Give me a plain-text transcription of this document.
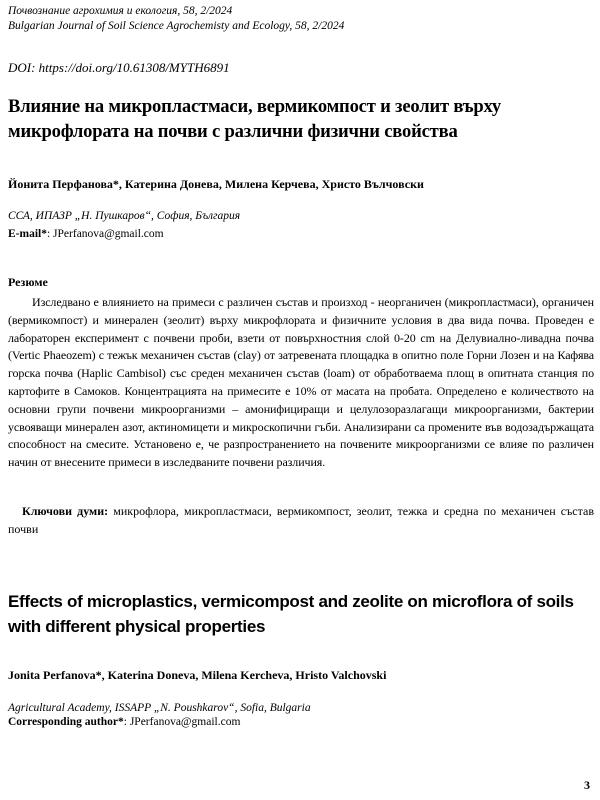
Почвознание агрохимия и екология, 58, 2/2024
Bulgarian Journal of Soil Science Agrochemisty and Ecology, 58, 2/2024
DOI: https://doi.org/10.61308/MYTH6891
Влияние на микропластмаси, вермикомпост и зеолит върху микрофлората на почви с различни физични свойства
Йонита Перфанова*, Катерина Донева, Милена Керчева, Христо Вълчовски
ССА, ИПАЗР „Н. Пушкаров“, София, България
E-mail*: JPerfanova@gmail.com
Резюме
Изследвано е влиянието на примеси с различен състав и произход - неорганичен (микропластмаси), органичен (вермикомпост) и минерален (зеолит) върху микрофлората и физичните условия в два вида почва. Проведен е лабораторен експеримент с почвени проби, взети от повърхностния слой 0-20 cm на Делувиално-ливадна почва (Vertic Phaeozem) с тежък механичен състав (clay) от затревената площадка в опитно поле Горни Лозен и на Кафява горска почва (Haplic Cambisol) със среден механичен състав (loam) от обработваема площ в опитната станция по картофите в Самоков. Концентрацията на примесите е 10% от масата на пробата. Определено е количеството на основни групи почвени микроорганизми – амонифициращи и целулозоразлагащи микроорганизми, бактерии усвояващи минерален азот, актиномицети и микроскопични гъби. Анализирани са промените във водозадържащата способност на смесите. Установено е, че разпространението на почвените микроорганизми се влияе по различен начин от внесените примеси в изследваните почвени различия.
Ключови думи: микрофлора, микропластмаси, вермикомпост, зеолит, тежка и средна по механичен състав почви
Effects of microplastics, vermicompost and zeolite on microflora of soils with different physical properties
Jonita Perfanova*, Katerina Doneva, Milena Kercheva, Hristo Valchovski
Agricultural Academy, ISSAPP „N. Poushkarov“, Sofia, Bulgaria
Corresponding author*: JPerfanova@gmail.com
3
